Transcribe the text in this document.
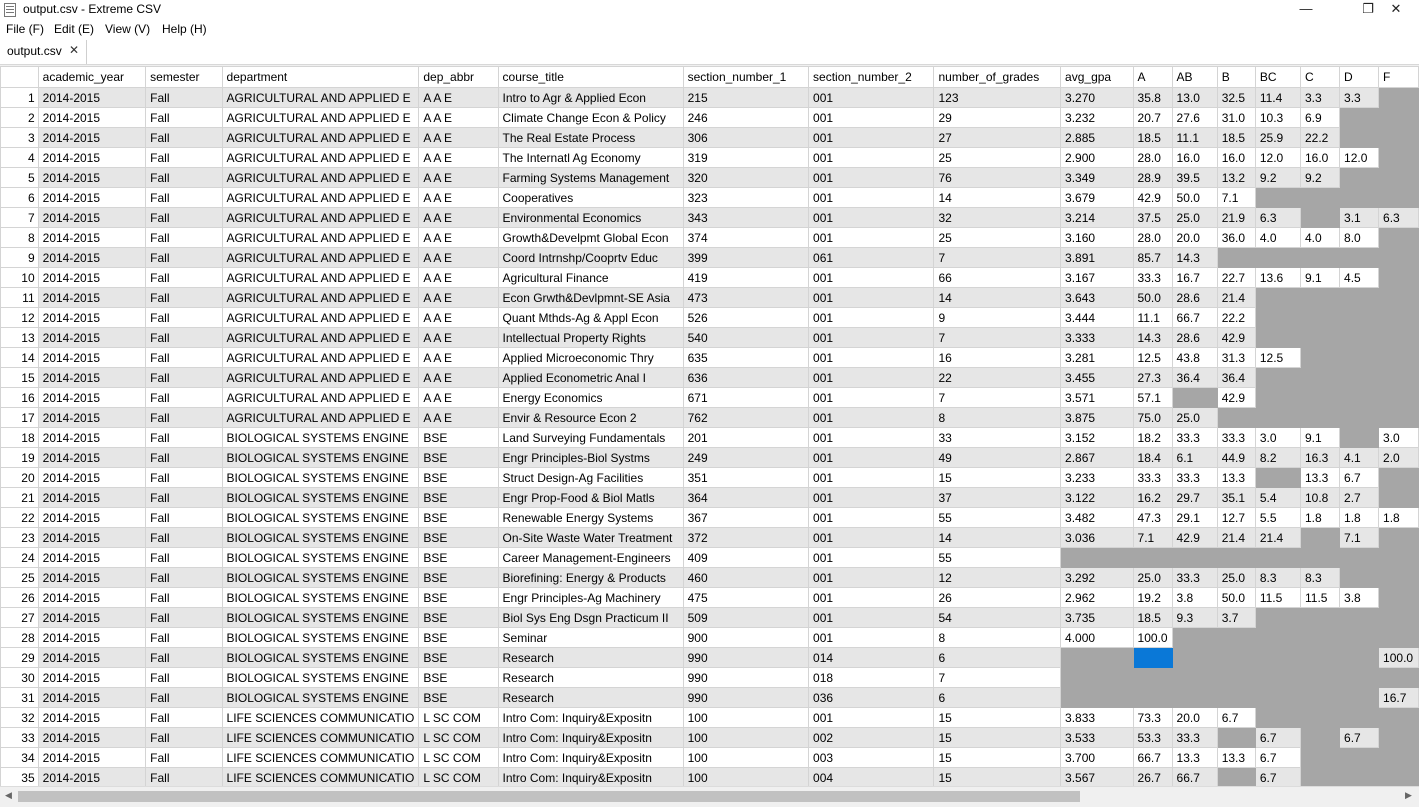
output.csv - Extreme CSV	—	❐	✕
File (F) Edit (E) View (V) Help (H)
output.csv ✕
	academic_year	semester	department	dep_abbr	course_title	section_number_1	section_number_2	number_of_grades	avg_gpa	A	AB	B	BC	C	D	F
1	2014-2015	Fall	AGRICULTURAL AND APPLIED E	A A E	Intro to Agr & Applied Econ	215	001	123	3.270	35.8	13.0	32.5	11.4	3.3	3.3	
2	2014-2015	Fall	AGRICULTURAL AND APPLIED E	A A E	Climate Change Econ & Policy	246	001	29	3.232	20.7	27.6	31.0	10.3	6.9		
3	2014-2015	Fall	AGRICULTURAL AND APPLIED E	A A E	The Real Estate Process	306	001	27	2.885	18.5	11.1	18.5	25.9	22.2		
4	2014-2015	Fall	AGRICULTURAL AND APPLIED E	A A E	The Internatl Ag Economy	319	001	25	2.900	28.0	16.0	16.0	12.0	16.0	12.0	
5	2014-2015	Fall	AGRICULTURAL AND APPLIED E	A A E	Farming Systems Management	320	001	76	3.349	28.9	39.5	13.2	9.2	9.2		
6	2014-2015	Fall	AGRICULTURAL AND APPLIED E	A A E	Cooperatives	323	001	14	3.679	42.9	50.0	7.1				
7	2014-2015	Fall	AGRICULTURAL AND APPLIED E	A A E	Environmental Economics	343	001	32	3.214	37.5	25.0	21.9	6.3		3.1	6.3
8	2014-2015	Fall	AGRICULTURAL AND APPLIED E	A A E	Growth&Develpmt Global Econ	374	001	25	3.160	28.0	20.0	36.0	4.0	4.0	8.0	
9	2014-2015	Fall	AGRICULTURAL AND APPLIED E	A A E	Coord Intrnshp/Cooprtv Educ	399	061	7	3.891	85.7	14.3					
10	2014-2015	Fall	AGRICULTURAL AND APPLIED E	A A E	Agricultural Finance	419	001	66	3.167	33.3	16.7	22.7	13.6	9.1	4.5	
11	2014-2015	Fall	AGRICULTURAL AND APPLIED E	A A E	Econ Grwth&Devlpmnt-SE Asia	473	001	14	3.643	50.0	28.6	21.4				
12	2014-2015	Fall	AGRICULTURAL AND APPLIED E	A A E	Quant Mthds-Ag & Appl Econ	526	001	9	3.444	11.1	66.7	22.2				
13	2014-2015	Fall	AGRICULTURAL AND APPLIED E	A A E	Intellectual Property Rights	540	001	7	3.333	14.3	28.6	42.9				
14	2014-2015	Fall	AGRICULTURAL AND APPLIED E	A A E	Applied Microeconomic Thry	635	001	16	3.281	12.5	43.8	31.3	12.5			
15	2014-2015	Fall	AGRICULTURAL AND APPLIED E	A A E	Applied Econometric Anal I	636	001	22	3.455	27.3	36.4	36.4				
16	2014-2015	Fall	AGRICULTURAL AND APPLIED E	A A E	Energy Economics	671	001	7	3.571	57.1		42.9				
17	2014-2015	Fall	AGRICULTURAL AND APPLIED E	A A E	Envir & Resource Econ 2	762	001	8	3.875	75.0	25.0					
18	2014-2015	Fall	BIOLOGICAL SYSTEMS ENGINE	BSE	Land Surveying Fundamentals	201	001	33	3.152	18.2	33.3	33.3	3.0	9.1		3.0
19	2014-2015	Fall	BIOLOGICAL SYSTEMS ENGINE	BSE	Engr Principles-Biol Systms	249	001	49	2.867	18.4	6.1	44.9	8.2	16.3	4.1	2.0
20	2014-2015	Fall	BIOLOGICAL SYSTEMS ENGINE	BSE	Struct Design-Ag Facilities	351	001	15	3.233	33.3	33.3	13.3		13.3	6.7	
21	2014-2015	Fall	BIOLOGICAL SYSTEMS ENGINE	BSE	Engr Prop-Food & Biol Matls	364	001	37	3.122	16.2	29.7	35.1	5.4	10.8	2.7	
22	2014-2015	Fall	BIOLOGICAL SYSTEMS ENGINE	BSE	Renewable Energy Systems	367	001	55	3.482	47.3	29.1	12.7	5.5	1.8	1.8	1.8
23	2014-2015	Fall	BIOLOGICAL SYSTEMS ENGINE	BSE	On-Site Waste Water Treatment	372	001	14	3.036	7.1	42.9	21.4	21.4		7.1	
24	2014-2015	Fall	BIOLOGICAL SYSTEMS ENGINE	BSE	Career Management-Engineers	409	001	55								
25	2014-2015	Fall	BIOLOGICAL SYSTEMS ENGINE	BSE	Biorefining: Energy & Products	460	001	12	3.292	25.0	33.3	25.0	8.3	8.3		
26	2014-2015	Fall	BIOLOGICAL SYSTEMS ENGINE	BSE	Engr Principles-Ag Machinery	475	001	26	2.962	19.2	3.8	50.0	11.5	11.5	3.8	
27	2014-2015	Fall	BIOLOGICAL SYSTEMS ENGINE	BSE	Biol Sys Eng Dsgn Practicum II	509	001	54	3.735	18.5	9.3	3.7				
28	2014-2015	Fall	BIOLOGICAL SYSTEMS ENGINE	BSE	Seminar	900	001	8	4.000	100.0						
29	2014-2015	Fall	BIOLOGICAL SYSTEMS ENGINE	BSE	Research	990	014	6								100.0
30	2014-2015	Fall	BIOLOGICAL SYSTEMS ENGINE	BSE	Research	990	018	7								
31	2014-2015	Fall	BIOLOGICAL SYSTEMS ENGINE	BSE	Research	990	036	6								16.7
32	2014-2015	Fall	LIFE SCIENCES COMMUNICATIO	L SC COM	Intro Com: Inquiry&Expositn	100	001	15	3.833	73.3	20.0	6.7				
33	2014-2015	Fall	LIFE SCIENCES COMMUNICATIO	L SC COM	Intro Com: Inquiry&Expositn	100	002	15	3.533	53.3	33.3		6.7		6.7	
34	2014-2015	Fall	LIFE SCIENCES COMMUNICATIO	L SC COM	Intro Com: Inquiry&Expositn	100	003	15	3.700	66.7	13.3	13.3	6.7			
35	2014-2015	Fall	LIFE SCIENCES COMMUNICATIO	L SC COM	Intro Com: Inquiry&Expositn	100	004	15	3.567	26.7	66.7		6.7			
◀	▶
